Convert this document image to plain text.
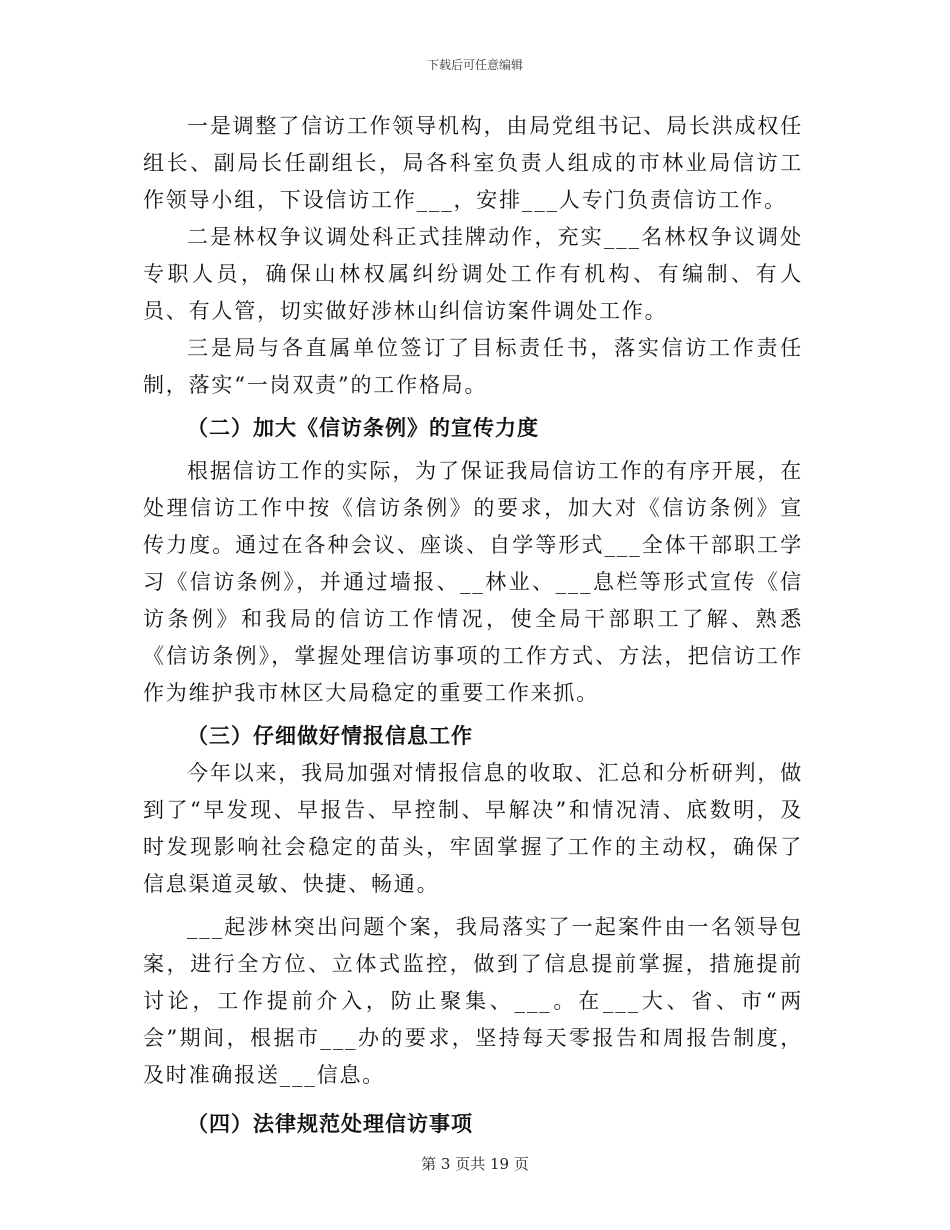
下载后可任意编辑

一是调整了信访工作领导机构，由局党组书记、局长洪成权任组长、副局长任副组长，局各科室负责人组成的市林业局信访工作领导小组，下设信访工作___，安排___人专门负责信访工作。

二是林权争议调处科正式挂牌动作，充实___名林权争议调处专职人员，确保山林权属纠纷调处工作有机构、有编制、有人员、有人管，切实做好涉林山纠信访案件调处工作。

三是局与各直属单位签订了目标责任书，落实信访工作责任制，落实“一岗双责”的工作格局。

（二）加大《信访条例》的宣传力度

根据信访工作的实际，为了保证我局信访工作的有序开展，在处理信访工作中按《信访条例》的要求，加大对《信访条例》宣传力度。通过在各种会议、座谈、自学等形式___全体干部职工学习《信访条例》，并通过墙报、__林业、___息栏等形式宣传《信访条例》和我局的信访工作情况，使全局干部职工了解、熟悉《信访条例》，掌握处理信访事项的工作方式、方法，把信访工作作为维护我市林区大局稳定的重要工作来抓。

（三）仔细做好情报信息工作

今年以来，我局加强对情报信息的收取、汇总和分析研判，做到了“早发现、早报告、早控制、早解决”和情况清、底数明，及时发现影响社会稳定的苗头，牢固掌握了工作的主动权，确保了信息渠道灵敏、快捷、畅通。

___起涉林突出问题个案，我局落实了一起案件由一名领导包案，进行全方位、立体式监控，做到了信息提前掌握，措施提前讨论，工作提前介入，防止聚集、___。在___大、省、市“两会”期间，根据市___办的要求，坚持每天零报告和周报告制度，及时准确报送___信息。

（四）法律规范处理信访事项

第 3 页共 19 页
